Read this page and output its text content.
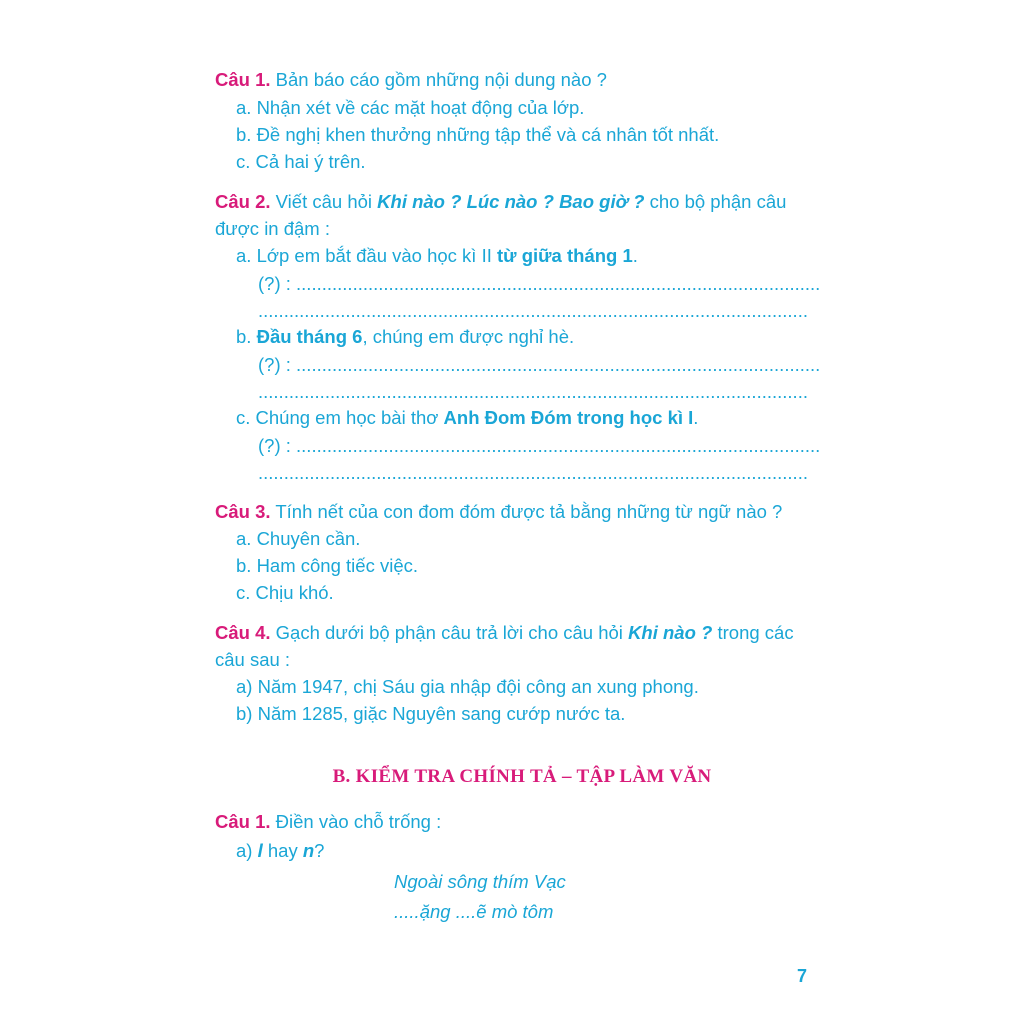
Câu 1. Bản báo cáo gồm những nội dung nào ?
a. Nhận xét về các mặt hoạt động của lớp.
b. Đề nghị khen thưởng những tập thể và cá nhân tốt nhất.
c. Cả hai ý trên.
Câu 2. Viết câu hỏi Khi nào ? Lúc nào ? Bao giờ ? cho bộ phận câu
được in đậm :
a. Lớp em bắt đầu vào học kì II từ giữa tháng 1.
(?) : ......................................................................................................
...........................................................................................................
b. Đầu tháng 6, chúng em được nghỉ hè.
(?) : ......................................................................................................
...........................................................................................................
c. Chúng em học bài thơ Anh Đom Đóm trong học kì I.
(?) : ......................................................................................................
...........................................................................................................
Câu 3. Tính nết của con đom đóm được tả bằng những từ ngữ nào ?
a. Chuyên cần.
b. Ham công tiếc việc.
c. Chịu khó.
Câu 4. Gạch dưới bộ phận câu trả lời cho câu hỏi Khi nào ? trong các
câu sau :
a) Năm 1947, chị Sáu gia nhập đội công an xung phong.
b) Năm 1285, giặc Nguyên sang cướp nước ta.
B. KIỂM TRA CHÍNH TẢ – TẬP LÀM VĂN
Câu 1. Điền vào chỗ trống :
a) l hay n?
Ngoài sông thím Vạc
.....ặng ....ẽ mò tôm
7
